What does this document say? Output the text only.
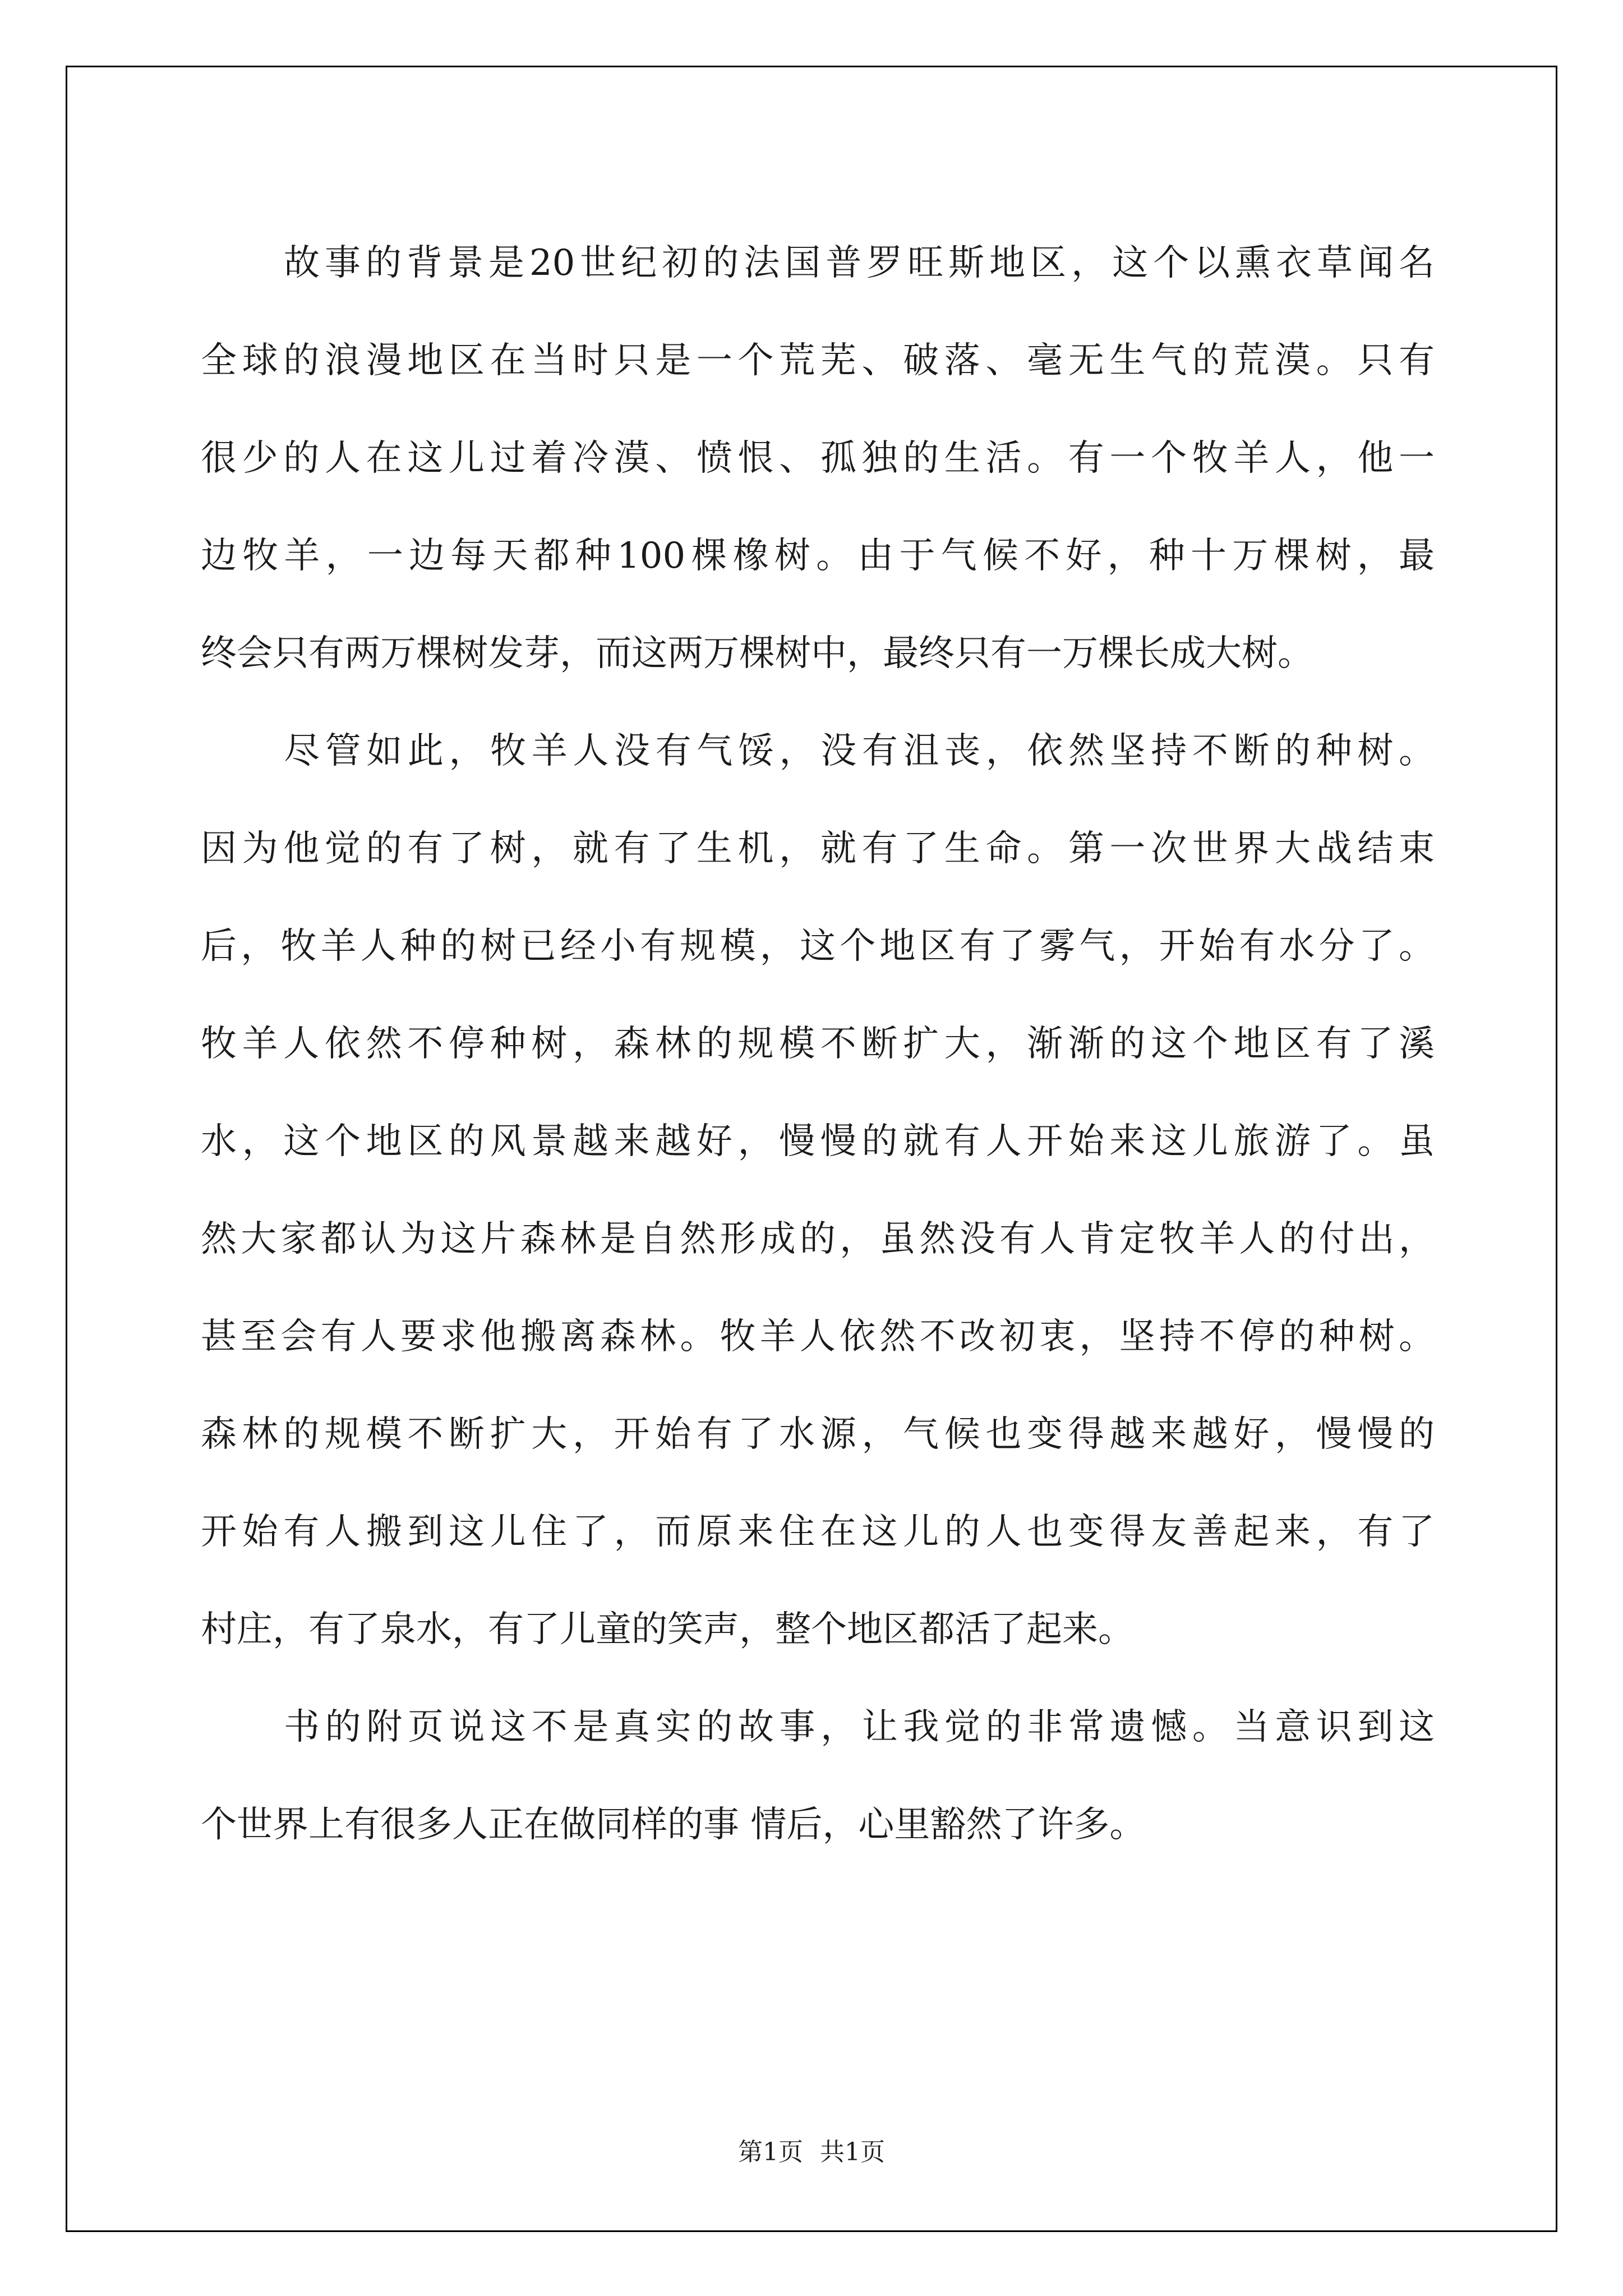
故事的背景是20世纪初的法国普罗旺斯地区，这个以熏衣草闻名
全球的浪漫地区在当时只是一个荒芜、破落、毫无生气的荒漠。只有
很少的人在这儿过着冷漠、愤恨、孤独的生活。有一个牧羊人，他一
边牧羊，一边每天都种100棵橡树。由于气候不好，种十万棵树，最
终会只有两万棵树发芽，而这两万棵树中，最终只有一万棵长成大树。
尽管如此，牧羊人没有气馁，没有沮丧，依然坚持不断的种树。
因为他觉的有了树，就有了生机，就有了生命。第一次世界大战结束
后，牧羊人种的树已经小有规模，这个地区有了雾气，开始有水分了。
牧羊人依然不停种树，森林的规模不断扩大，渐渐的这个地区有了溪
水，这个地区的风景越来越好，慢慢的就有人开始来这儿旅游了。虽
然大家都认为这片森林是自然形成的，虽然没有人肯定牧羊人的付出，
甚至会有人要求他搬离森林。牧羊人依然不改初衷，坚持不停的种树。
森林的规模不断扩大，开始有了水源，气候也变得越来越好，慢慢的
开始有人搬到这儿住了，而原来住在这儿的人也变得友善起来，有了
村庄，有了泉水，有了儿童的笑声，整个地区都活了起来。
书的附页说这不是真实的故事，让我觉的非常遗憾。当意识到这
个世界上有很多人正在做同样的事 情后，心里豁然了许多。
第1页 共1页
